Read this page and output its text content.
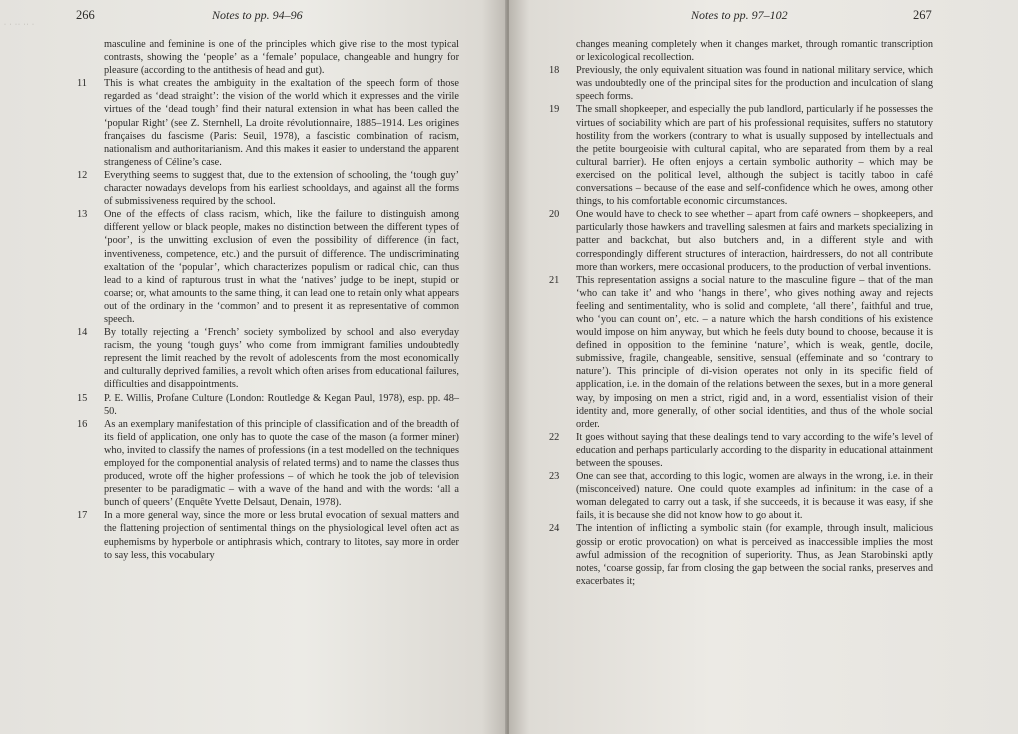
· · ·· ·· ·
266	Notes to pp. 94–96

masculine and feminine is one of the principles which give rise to the most typical contrasts, showing the ‘people’ as a ‘female’ populace, changeable and hungry for pleasure (according to the antithesis of head and gut).

11	This is what creates the ambiguity in the exaltation of the speech form of those regarded as ‘dead straight’: the vision of the world which it expresses and the virile virtues of the ‘dead tough’ find their natural extension in what has been called the ‘popular Right’ (see Z. Sternhell, La droite révolutionnaire, 1885–1914. Les origines françaises du fascisme (Paris: Seuil, 1978), a fascistic combination of racism, nationalism and authoritarianism. And this makes it easier to understand the apparent strangeness of Céline’s case.

12	Everything seems to suggest that, due to the extension of schooling, the ‘tough guy’ character nowadays develops from his earliest schooldays, and against all the forms of submissiveness required by the school.

13	One of the effects of class racism, which, like the failure to distinguish among different yellow or black people, makes no distinction between the different types of ‘poor’, is the unwitting exclusion of even the possibility of difference (in fact, inventiveness, competence, etc.) and the pursuit of difference. The undiscriminating exaltation of the ‘popular’, which characterizes populism or radical chic, can thus lead to a kind of rapturous trust in what the ‘natives’ judge to be inept, stupid or coarse; or, what amounts to the same thing, it can lead one to retain only what appears out of the ordinary in the ‘common’ and to present it as representative of common speech.

14	By totally rejecting a ‘French’ society symbolized by school and also everyday racism, the young ‘tough guys’ who come from immigrant families undoubtedly represent the limit reached by the revolt of adolescents from the most economically and culturally deprived families, a revolt which often arises from educational failures, difficulties and disappointments.

15	P. E. Willis, Profane Culture (London: Routledge & Kegan Paul, 1978), esp. pp. 48–50.

16	As an exemplary manifestation of this principle of classification and of the breadth of its field of application, one only has to quote the case of the mason (a former miner) who, invited to classify the names of professions (in a test modelled on the techniques employed for the componential analysis of related terms) and to name the classes thus produced, wrote off the higher professions – of which he took the job of television presenter to be paradigmatic – with a wave of the hand and with the words: ‘all a bunch of queers’ (Enquête Yvette Delsaut, Denain, 1978).

17	In a more general way, since the more or less brutal evocation of sexual matters and the flattening projection of sentimental things on the physiological level often act as euphemisms by hyperbole or antiphrasis which, contrary to litotes, say more in order to say less, this vocabulary

Notes to pp. 97–102	267

changes meaning completely when it changes market, through romantic transcription or lexicological recollection.

18	Previously, the only equivalent situation was found in national military service, which was undoubtedly one of the principal sites for the production and inculcation of slang speech forms.

19	The small shopkeeper, and especially the pub landlord, particularly if he possesses the virtues of sociability which are part of his professional requisites, suffers no statutory hostility from the workers (contrary to what is usually supposed by intellectuals and the petite bourgeoisie with cultural capital, who are separated from them by a real cultural barrier). He often enjoys a certain symbolic authority – which may be exercised on the political level, although the subject is tacitly taboo in café conversations – because of the ease and self-confidence which he owes, among other things, to his comfortable economic circumstances.

20	One would have to check to see whether – apart from café owners – shopkeepers, and particularly those hawkers and travelling salesmen at fairs and markets specializing in patter and backchat, but also butchers and, in a different style and with correspondingly different structures of interaction, hairdressers, do not all contribute more than workers, mere occasional producers, to the production of verbal inventions.

21	This representation assigns a social nature to the masculine figure – that of the man ‘who can take it’ and who ‘hangs in there’, who gives nothing away and rejects feeling and sentimentality, who is solid and complete, ‘all there’, faithful and true, who ‘you can count on’, etc. – a nature which the harsh conditions of his existence would impose on him anyway, but which he feels duty bound to choose, because it is defined in opposition to the feminine ‘nature’, which is weak, gentle, docile, submissive, fragile, changeable, sensitive, sensual (effeminate and so ‘contrary to nature’). This principle of di-vision operates not only in its specific field of application, i.e. in the domain of the relations between the sexes, but in a more general way, by imposing on men a strict, rigid and, in a word, essentialist vision of their identity and, more generally, of other social identities, and thus of the whole social order.

22	It goes without saying that these dealings tend to vary according to the wife’s level of education and perhaps particularly according to the disparity in educational attainment between the spouses.

23	One can see that, according to this logic, women are always in the wrong, i.e. in their (misconceived) nature. One could quote examples ad infinitum: in the case of a woman delegated to carry out a task, if she succeeds, it is because it was easy, if she fails, it is because she did not know how to go about it.

24	The intention of inflicting a symbolic stain (for example, through insult, malicious gossip or erotic provocation) on what is perceived as inaccessible implies the most awful admission of the recognition of superiority. Thus, as Jean Starobinski aptly notes, ‘coarse gossip, far from closing the gap between the social ranks, preserves and exacerbates it;
